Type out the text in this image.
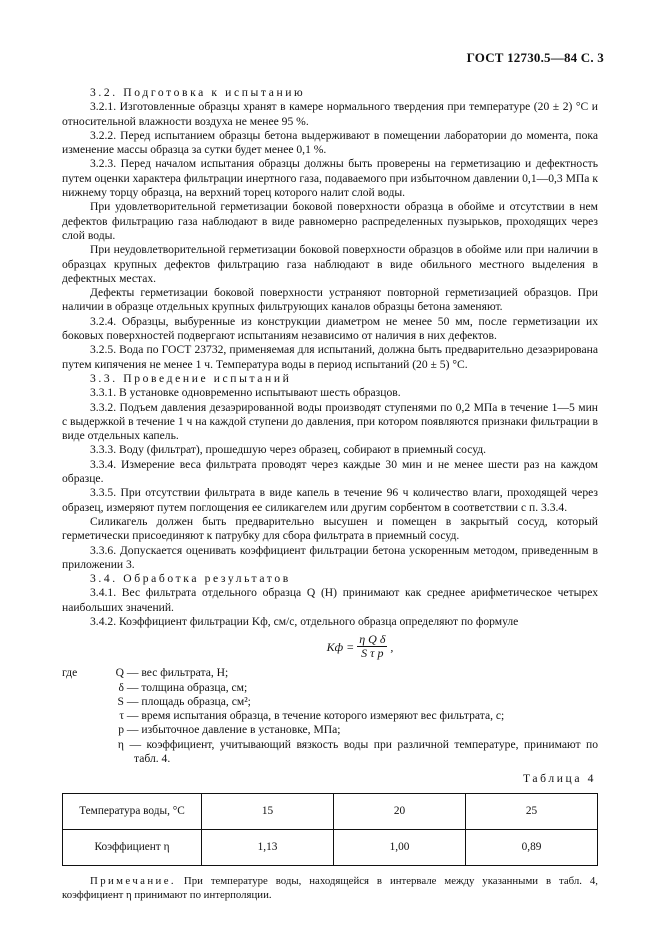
ГОСТ 12730.5—84 С. 3

3.2. Подготовка к испытанию

3.2.1. Изготовленные образцы хранят в камере нормального твердения при температуре (20 ± 2) °С и относительной влажности воздуха не менее 95 %.

3.2.2. Перед испытанием образцы бетона выдерживают в помещении лаборатории до момента, пока изменение массы образца за сутки будет менее 0,1 %.

3.2.3. Перед началом испытания образцы должны быть проверены на герметизацию и дефектность путем оценки характера фильтрации инертного газа, подаваемого при избыточном давлении 0,1—0,3 МПа к нижнему торцу образца, на верхний торец которого налит слой воды.

При удовлетворительной герметизации боковой поверхности образца в обойме и отсутствии в нем дефектов фильтрацию газа наблюдают в виде равномерно распределенных пузырьков, проходящих через слой воды.

При неудовлетворительной герметизации боковой поверхности образцов в обойме или при наличии в образцах крупных дефектов фильтрацию газа наблюдают в виде обильного местного выделения в дефектных местах.

Дефекты герметизации боковой поверхности устраняют повторной герметизацией образцов. При наличии в образце отдельных крупных фильтрующих каналов образцы бетона заменяют.

3.2.4. Образцы, выбуренные из конструкции диаметром не менее 50 мм, после герметизации их боковых поверхностей подвергают испытаниям независимо от наличия в них дефектов.

3.2.5. Вода по ГОСТ 23732, применяемая для испытаний, должна быть предварительно дезаэрирована путем кипячения не менее 1 ч. Температура воды в период испытаний (20 ± 5) °С.

3.3. Проведение испытаний

3.3.1. В установке одновременно испытывают шесть образцов.

3.3.2. Подъем давления дезаэрированной воды производят ступенями по 0,2 МПа в течение 1—5 мин с выдержкой в течение 1 ч на каждой ступени до давления, при котором появляются признаки фильтрации в виде отдельных капель.

3.3.3. Воду (фильтрат), прошедшую через образец, собирают в приемный сосуд.

3.3.4. Измерение веса фильтрата проводят через каждые 30 мин и не менее шести раз на каждом образце.

3.3.5. При отсутствии фильтрата в виде капель в течение 96 ч количество влаги, проходящей через образец, измеряют путем поглощения ее силикагелем или другим сорбентом в соответствии с п. 3.3.4.

Силикагель должен быть предварительно высушен и помещен в закрытый сосуд, который герметически присоединяют к патрубку для сбора фильтрата в приемный сосуд.

3.3.6. Допускается оценивать коэффициент фильтрации бетона ускоренным методом, приведенным в приложении 3.

3.4. Обработка результатов

3.4.1. Вес фильтрата отдельного образца Q (Н) принимают как среднее арифметическое четырех наибольших значений.

3.4.2. Коэффициент фильтрации Kф, см/с, отдельного образца определяют по формуле

Kф = $\frac{\text{η Q δ}}{\text{S τ p}}$ ,
где	Q — вес фильтрата, Н;
δ — толщина образца, см;
S — площадь образца, см²;
τ — время испытания образца, в течение которого измеряют вес фильтрата, с;
p — избыточное давление в установке, МПа;
η — коэффициент, учитывающий вязкость воды при различной температуре, принимают по табл. 4.
Таблица 4
Температура воды, °С	15	20	25
Коэффициент η	1,13	1,00	0,89

Примечание. При температуре воды, находящейся в интервале между указанными в табл. 4, коэффициент η принимают по интерполяции.
